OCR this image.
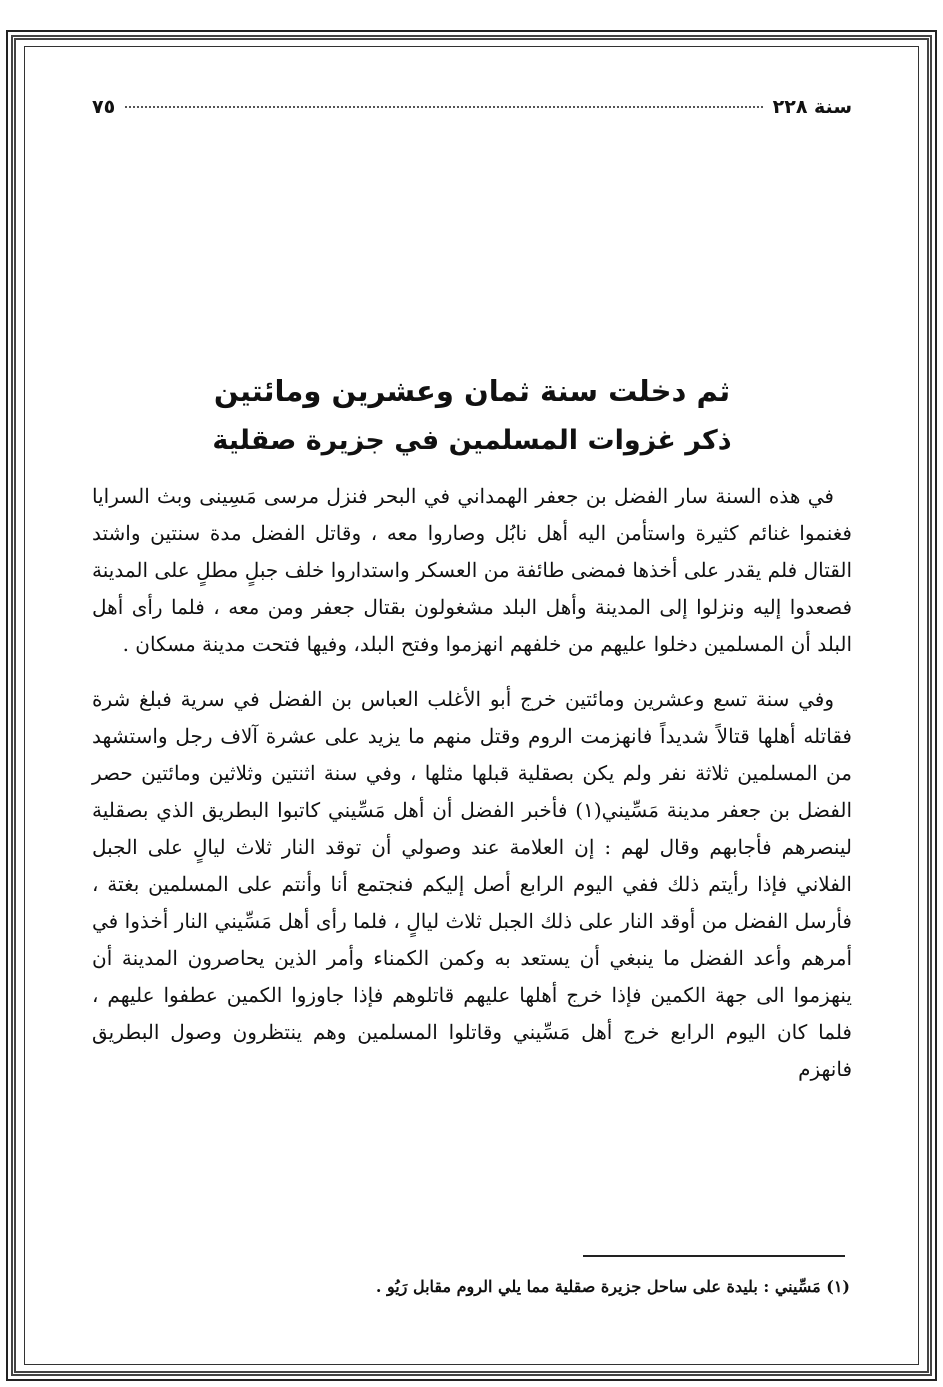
سنة ٢٢٨
٧٥
ثم دخلت سنة ثمان وعشرين ومائتين
ذكر غزوات المسلمين في جزيرة صقلية

في هذه السنة سار الفضل بن جعفر الهمداني في البحر فنزل مرسى مَسِينى وبث السرايا فغنموا غنائم كثيرة واستأمن اليه أهل نابُل وصاروا معه ، وقاتل الفضل مدة سنتين واشتد القتال فلم يقدر على أخذها فمضى طائفة من العسكر واستداروا خلف جبلٍ مطلٍ على المدينة فصعدوا إليه ونزلوا إلى المدينة وأهل البلد مشغولون بقتال جعفر ومن معه ، فلما رأى أهل البلد أن المسلمين دخلوا عليهم من خلفهم انهزموا وفتح البلد، وفيها فتحت مدينة مسكان .

وفي سنة تسع وعشرين ومائتين خرج أبو الأغلب العباس بن الفضل في سرية فبلغ شرة فقاتله أهلها قتالاً شديداً فانهزمت الروم وقتل منهم ما يزيد على عشرة آلاف رجل واستشهد من المسلمين ثلاثة نفر ولم يكن بصقلية قبلها مثلها ، وفي سنة اثنتين وثلاثين ومائتين حصر الفضل بن جعفر مدينة مَسِّيني(١) فأخبر الفضل أن أهل مَسِّيني كاتبوا البطريق الذي بصقلية لينصرهم فأجابهم وقال لهم : إن العلامة عند وصولي أن توقد النار ثلاث ليالٍ على الجبل الفلاني فإذا رأيتم ذلك ففي اليوم الرابع أصل إليكم فنجتمع أنا وأنتم على المسلمين بغتة ، فأرسل الفضل من أوقد النار على ذلك الجبل ثلاث ليالٍ ، فلما رأى أهل مَسِّيني النار أخذوا في أمرهم وأعد الفضل ما ينبغي أن يستعد به وكمن الكمناء وأمر الذين يحاصرون المدينة أن ينهزموا الى جهة الكمين فإذا خرج أهلها عليهم قاتلوهم فإذا جاوزوا الكمين عطفوا عليهم ، فلما كان اليوم الرابع خرج أهل مَسِّيني وقاتلوا المسلمين وهم ينتظرون وصول البطريق فانهزم

(١) مَسِّيني : بليدة على ساحل جزيرة صقلية مما يلي الروم مقابل رَيُو .
